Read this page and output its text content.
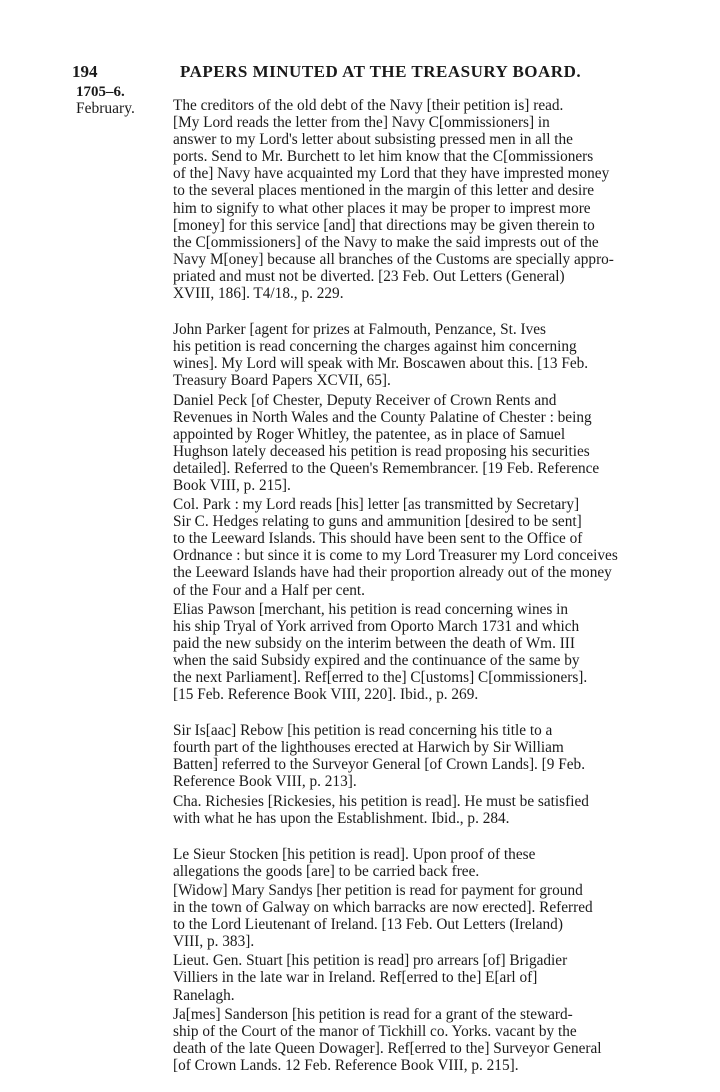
194	PAPERS MINUTED AT THE TREASURY BOARD.
1705–6.
February. The creditors of the old debt of the Navy [their petition is] read.
[My Lord reads the letter from the] Navy C[ommissioners] in
answer to my Lord's letter about subsisting pressed men in all the
ports. Send to Mr. Burchett to let him know that the C[ommissioners
of the] Navy have acquainted my Lord that they have imprested money
to the several places mentioned in the margin of this letter and desire
him to signify to what other places it may be proper to imprest more
[money] for this service [and] that directions may be given therein to
the C[ommissioners] of the Navy to make the said imprests out of the
Navy M[oney] because all branches of the Customs are specially appro-
priated and must not be diverted. [23 Feb. Out Letters (General)
XVIII, 186]. T4/18., p. 229.
John Parker [agent for prizes at Falmouth, Penzance, St. Ives
his petition is read concerning the charges against him concerning
wines]. My Lord will speak with Mr. Boscawen about this. [13 Feb.
Treasury Board Papers XCVII, 65].
Daniel Peck [of Chester, Deputy Receiver of Crown Rents and
Revenues in North Wales and the County Palatine of Chester : being
appointed by Roger Whitley, the patentee, as in place of Samuel
Hughson lately deceased his petition is read proposing his securities
detailed]. Referred to the Queen's Remembrancer. [19 Feb. Reference
Book VIII, p. 215].
Col. Park : my Lord reads [his] letter [as transmitted by Secretary]
Sir C. Hedges relating to guns and ammunition [desired to be sent]
to the Leeward Islands. This should have been sent to the Office of
Ordnance : but since it is come to my Lord Treasurer my Lord conceives
the Leeward Islands have had their proportion already out of the money
of the Four and a Half per cent.
Elias Pawson [merchant, his petition is read concerning wines in
his ship Tryal of York arrived from Oporto March 1731 and which
paid the new subsidy on the interim between the death of Wm. III
when the said Subsidy expired and the continuance of the same by
the next Parliament]. Ref[erred to the] C[ustoms] C[ommissioners].
[15 Feb. Reference Book VIII, 220]. Ibid., p. 269.
Sir Is[aac] Rebow [his petition is read concerning his title to a
fourth part of the lighthouses erected at Harwich by Sir William
Batten] referred to the Surveyor General [of Crown Lands]. [9 Feb.
Reference Book VIII, p. 213].
Cha. Richesies [Rickesies, his petition is read]. He must be satisfied
with what he has upon the Establishment. Ibid., p. 284.
Le Sieur Stocken [his petition is read]. Upon proof of these
allegations the goods [are] to be carried back free.
[Widow] Mary Sandys [her petition is read for payment for ground
in the town of Galway on which barracks are now erected]. Referred
to the Lord Lieutenant of Ireland. [13 Feb. Out Letters (Ireland)
VIII, p. 383].
Lieut. Gen. Stuart [his petition is read] pro arrears [of] Brigadier
Villiers in the late war in Ireland. Ref[erred to the] E[arl of]
Ranelagh.
Ja[mes] Sanderson [his petition is read for a grant of the steward-
ship of the Court of the manor of Tickhill co. Yorks. vacant by the
death of the late Queen Dowager]. Ref[erred to the] Surveyor General
[of Crown Lands. 12 Feb. Reference Book VIII, p. 215].
